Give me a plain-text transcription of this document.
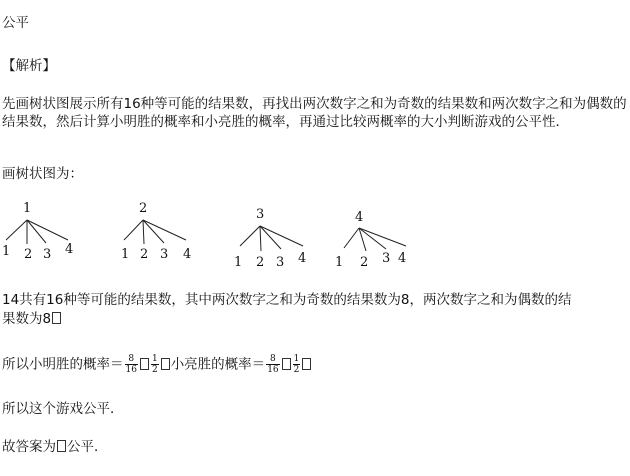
公平
【解析】
先画树状图展示所有16种等可能的结果数，再找出两次数字之和为奇数的结果数和两次数字之和为偶数的结果数，然后计算小明胜的概率和小亮胜的概率，再通过比较两概率的大小判断游戏的公平性．
画树状图为：
1
1 2 3 4
2
1 2 3 4
3
1 2 3 4
4
1 2 3 4
14共有16种等可能的结果数，其中两次数字之和为奇数的结果数为8，两次数字之和为偶数的结
果数为8
所以小明胜的概率＝ $\frac{8}{16} \frac{1}{2}$ 小亮胜的概率＝ $\frac{8}{16} \frac{1}{2}$
所以这个游戏公平．
故答案为 公平．
